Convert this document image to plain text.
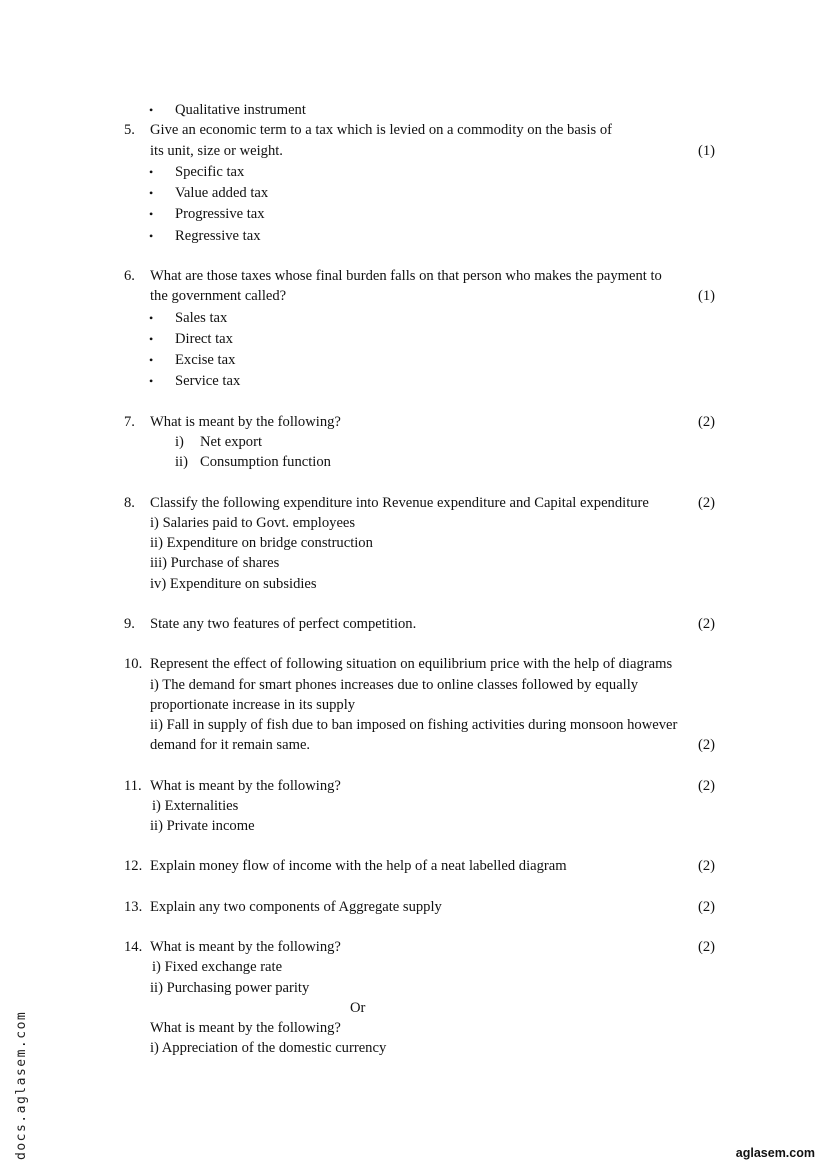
• Qualitative instrument
5. Give an economic term to a tax which is levied on a commodity on the basis of
its unit, size or weight.	(1)
• Specific tax
• Value added tax
• Progressive tax
• Regressive tax
6. What are those taxes whose final burden falls on that person who makes the payment to
the government called?	(1)
• Sales tax
• Direct tax
• Excise tax
• Service tax
7. What is meant by the following?	(2)
i) Net export
ii) Consumption function
8. Classify the following expenditure into Revenue expenditure and Capital expenditure	(2)
i) Salaries paid to Govt. employees
ii) Expenditure on bridge construction
iii) Purchase of shares
iv) Expenditure on subsidies
9. State any two features of perfect competition.	(2)
10. Represent the effect of following situation on equilibrium price with the help of diagrams
i) The demand for smart phones increases due to online classes followed by equally
proportionate increase in its supply
ii) Fall in supply of fish due to ban imposed on fishing activities during monsoon however
demand for it remain same.	(2)
11. What is meant by the following?	(2)
i) Externalities
ii) Private income
12. Explain money flow of income with the help of a neat labelled diagram	(2)
13. Explain any two components of Aggregate supply	(2)
14. What is meant by the following?	(2)
i) Fixed exchange rate
ii) Purchasing power parity
Or
What is meant by the following?
i) Appreciation of the domestic currency
docs.aglasem.com	aglasem.com
